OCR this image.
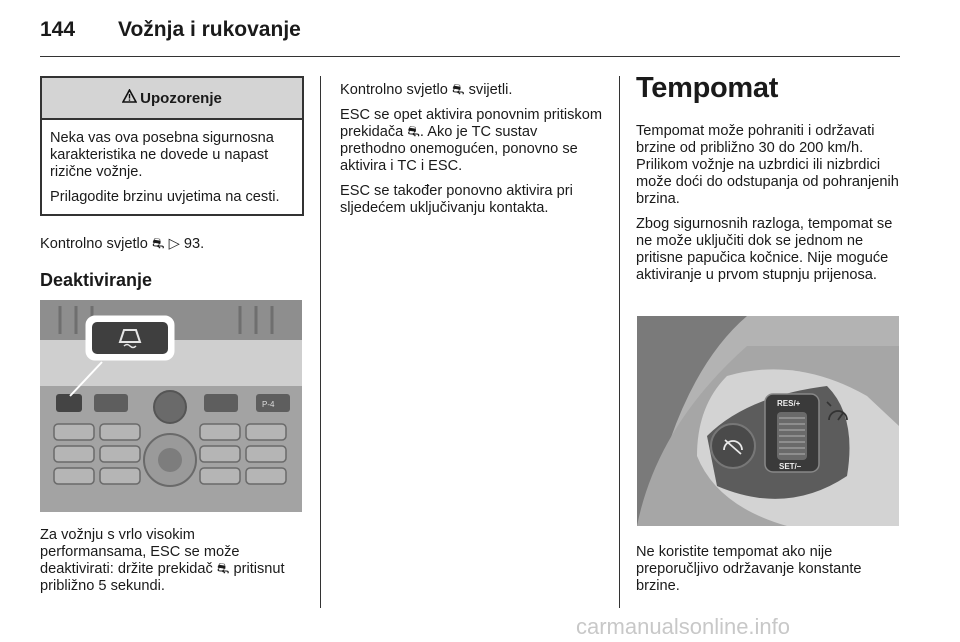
144 Vožnja i rukovanje
Upozorenje

Neka vas ova posebna sigurnosna karakteristika ne dovede u napast rizične vožnje.

Prilagodite brzinu uvjetima na cesti.

Kontrolno svjetlo ⛐ ▷ 93.

Deaktiviranje
P-4

Za vožnju s vrlo visokim performansama, ESC se može deaktivirati: držite prekidač ⛐ pritisnut približno 5 sekundi.

Kontrolno svjetlo ⛐ svijetli.

ESC se opet aktivira ponovnim pritiskom prekidača ⛐. Ako je TC sustav prethodno onemogućen, ponovno se aktivira i TC i ESC.

ESC se također ponovno aktivira pri sljedećem uključivanju kontakta.

Tempomat

Tempomat može pohraniti i održavati brzine od približno 30 do 200 km/h. Prilikom vožnje na uzbrdici ili nizbrdici može doći do odstupanja od pohranjenih brzina.

Zbog sigurnosnih razloga, tempomat se ne može uključiti dok se jednom ne pritisne papučica kočnice. Nije moguće aktiviranje u prvom stupnju prijenosa.

RES/+
SET/–

Ne koristite tempomat ako nije preporučljivo održavanje konstante brzine.

carmanualsonline.info
